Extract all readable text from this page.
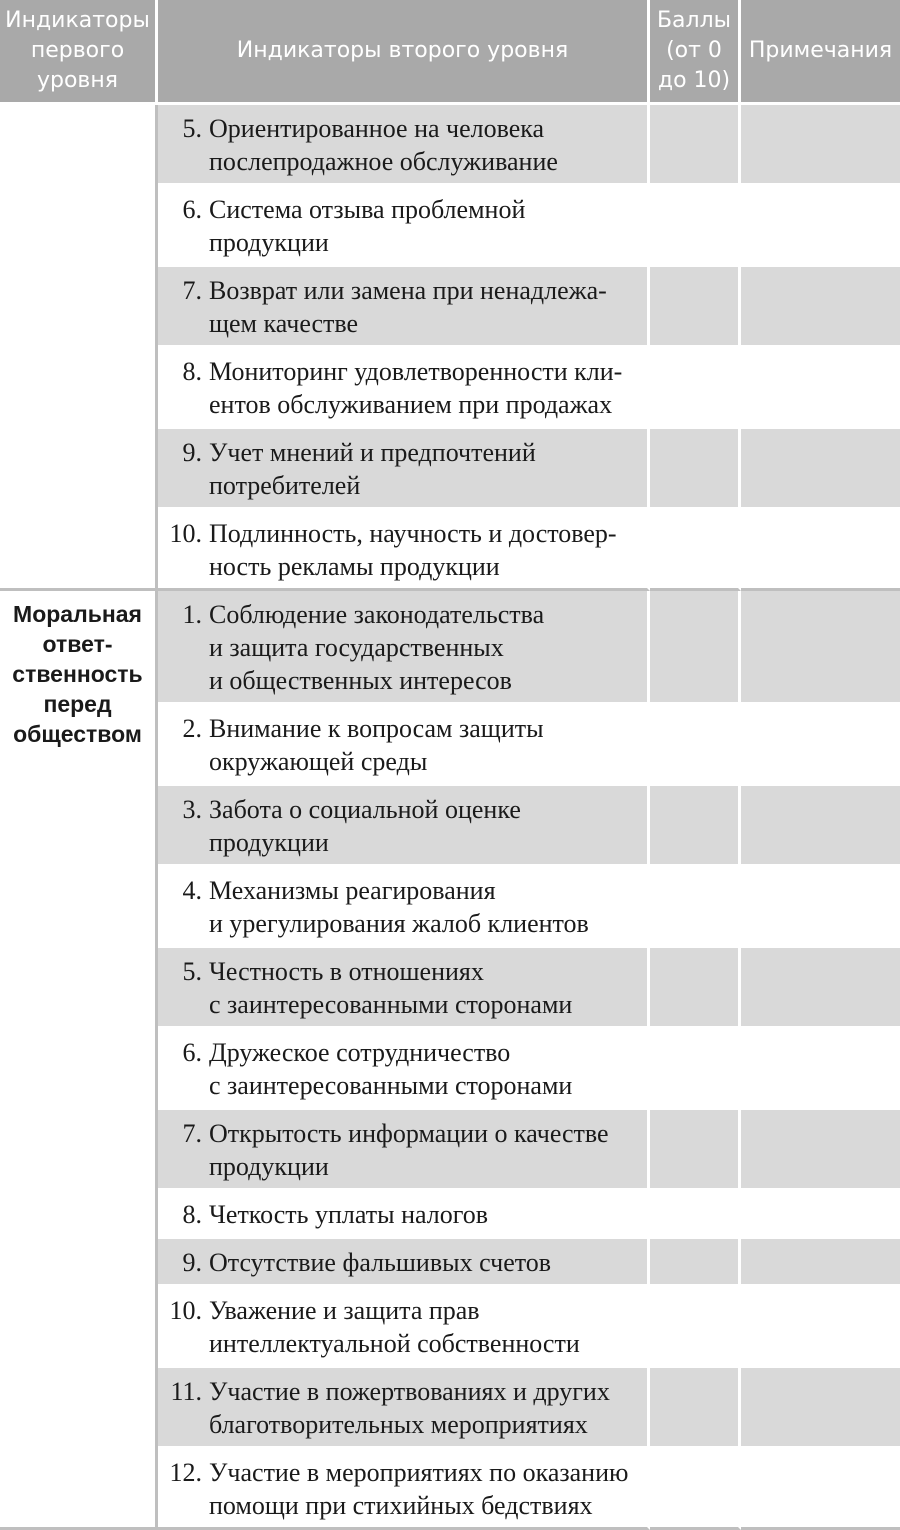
Индикаторы
первого
уровня	Индикаторы второго уровня	Баллы
(от 0
до 10)	Примечания

	5. Ориентированное на человека
послепродажное обслуживание		

	6. Система отзыва проблемной
продукции		

	7. Возврат или замена при ненадлежа-
щем качестве		

	8. Мониторинг удовлетворенности кли-
ентов обслуживанием при продажах		

	9. Учет мнений и предпочтений
потребителей		

	10. Подлинность, научность и достовер-
ность рекламы продукции		

Моральная
ответ-
ственность
перед
обществом	1. Соблюдение законодательства
и защита государственных
и общественных интересов		

	2. Внимание к вопросам защиты
окружающей среды		

	3. Забота о социальной оценке
продукции		

	4. Механизмы реагирования
и урегулирования жалоб клиентов		

	5. Честность в отношениях
с заинтересованными сторонами		

	6. Дружеское сотрудничество
с заинтересованными сторонами		

	7. Открытость информации о качестве
продукции		

	8. Четкость уплаты налогов		

	9. Отсутствие фальшивых счетов		

	10. Уважение и защита прав
интеллектуальной собственности		

	11. Участие в пожертвованиях и других
благотворительных мероприятиях		

	12. Участие в мероприятиях по оказанию
помощи при стихийных бедствиях		
